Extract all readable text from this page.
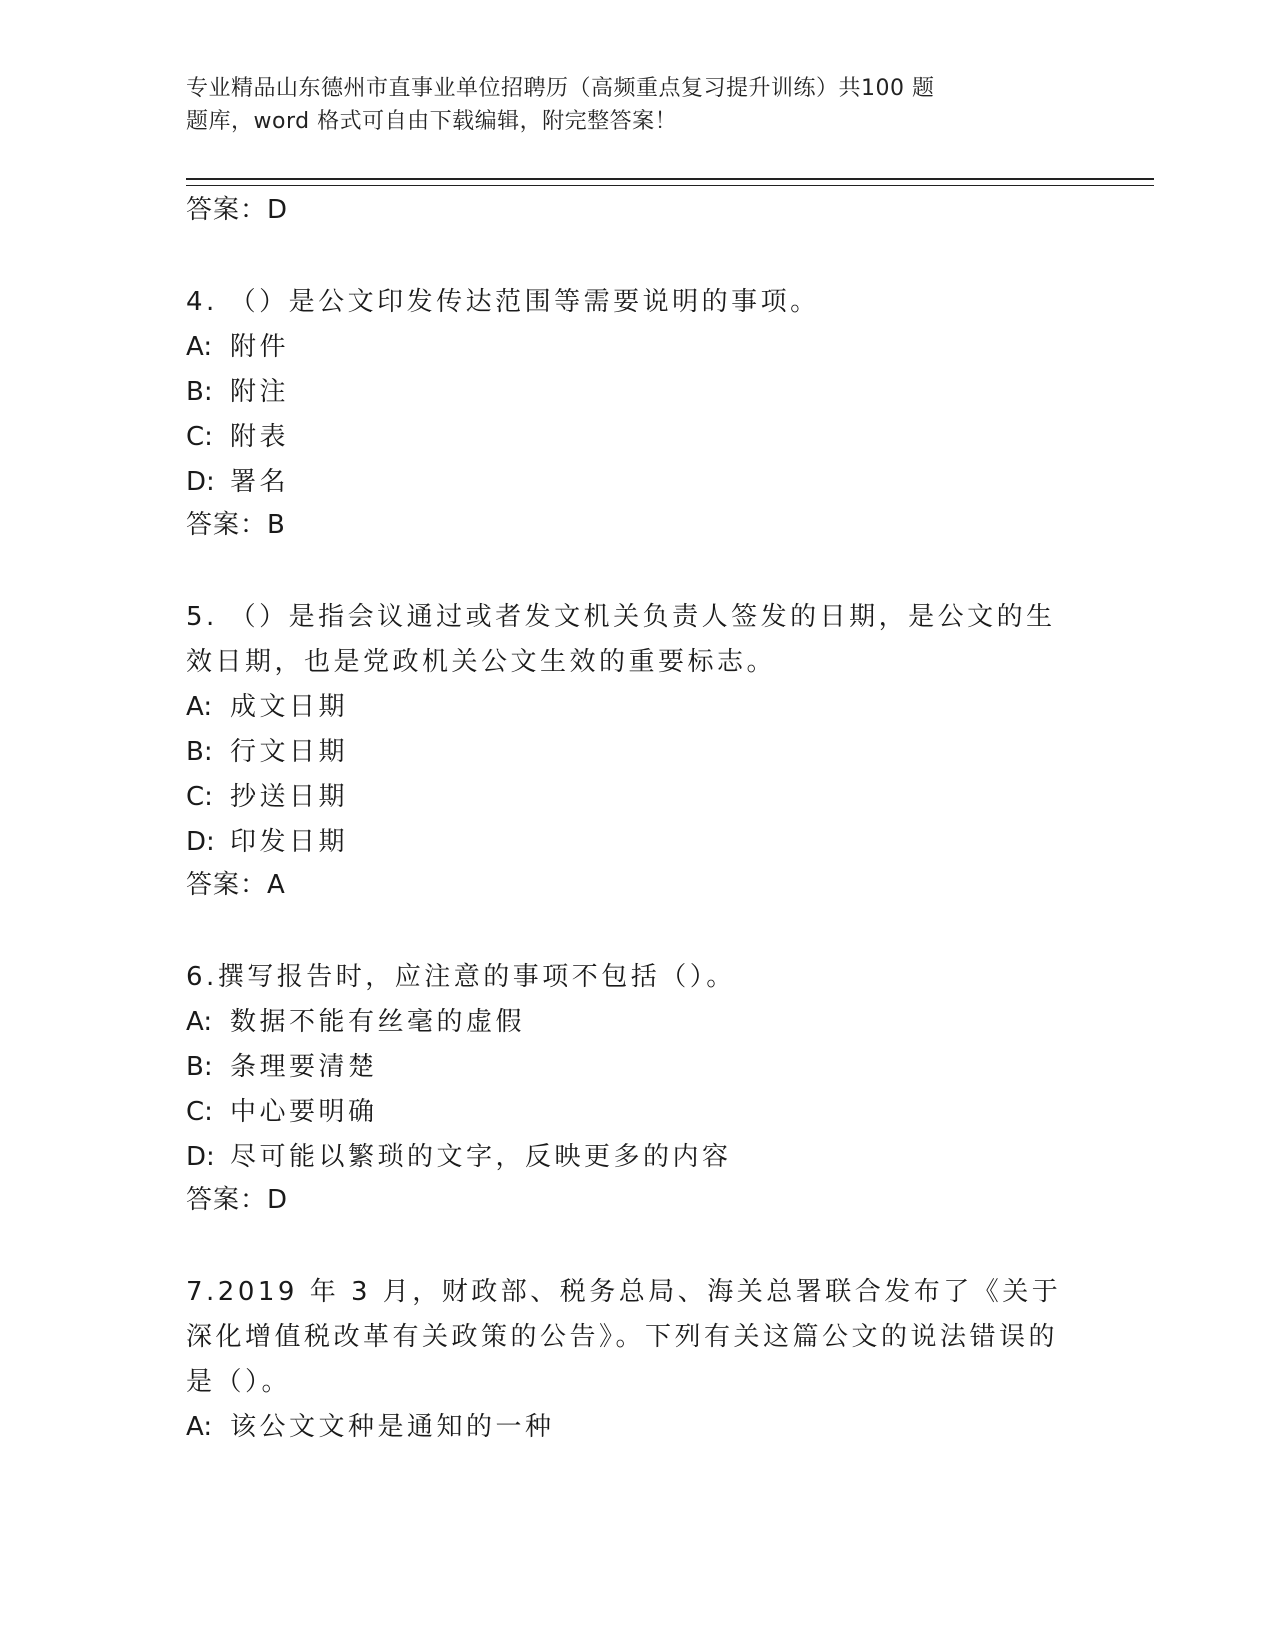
专业精品山东德州市直事业单位招聘历（高频重点复习提升训练）共100 题
题库，word 格式可自由下载编辑，附完整答案！

答案：D

4. （）是公文印发传达范围等需要说明的事项。

A: 附件

B: 附注

C: 附表

D: 署名

答案：B

5. （）是指会议通过或者发文机关负责人签发的日期，是公文的生效日期，也是党政机关公文生效的重要标志。

A: 成文日期

B: 行文日期

C: 抄送日期

D: 印发日期

答案：A

6.撰写报告时，应注意的事项不包括（）。

A: 数据不能有丝毫的虚假

B: 条理要清楚

C: 中心要明确

D: 尽可能以繁琐的文字，反映更多的内容

答案：D

7.2019 年 3 月，财政部、税务总局、海关总署联合发布了《关于深化增值税改革有关政策的公告》。下列有关这篇公文的说法错误的是（）。

A: 该公文文种是通知的一种
